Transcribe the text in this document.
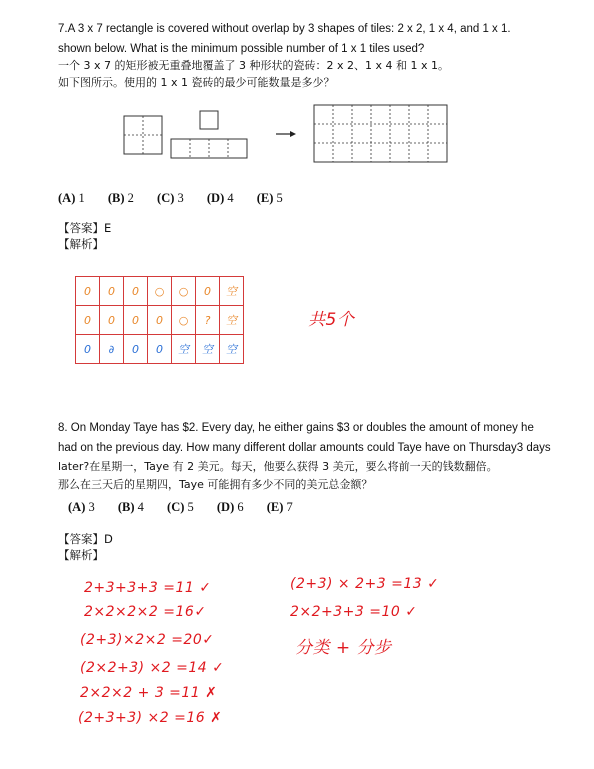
7.A 3 x 7 rectangle is covered without overlap by 3 shapes of tiles: 2 x 2, 1 x 4, and 1 x 1.
shown below. What is the minimum possible number of 1 x 1 tiles used?
一个 3 x 7 的矩形被无重叠地覆盖了 3 种形状的瓷砖：2 x 2、1 x 4 和 1 x 1。
如下图所示。使用的 1 x 1 瓷砖的最少可能数量是多少？
(A) 1 (B) 2 (C) 3 (D) 4 (E) 5
【答案】E
【解析】
0	0	0	○	○	0	空
0	0	0	0	○	?	空
0	∂	0	0	空	空	空
共5个
8. On Monday Taye has $2. Every day, he either gains $3 or doubles the amount of money he
had on the previous day. How many different dollar amounts could Taye have on Thursday3 days
later?在星期一，Taye 有 2 美元。每天，他要么获得 3 美元，要么将前一天的钱数翻倍。
那么在三天后的星期四，Taye 可能拥有多少不同的美元总金额？
(A) 3 (B) 4 (C) 5 (D) 6 (E) 7
【答案】D
【解析】
2+3+3+3 =11 ✓
2×2×2×2 =16✓
(2+3)×2×2 =20✓
(2×2+3) ×2 =14 ✓
2×2×2 + 3 =11 ✗
(2+3+3) ×2 =16 ✗
(2+3) × 2+3 =13 ✓
2×2+3+3 =10 ✓
分类 + 分步
